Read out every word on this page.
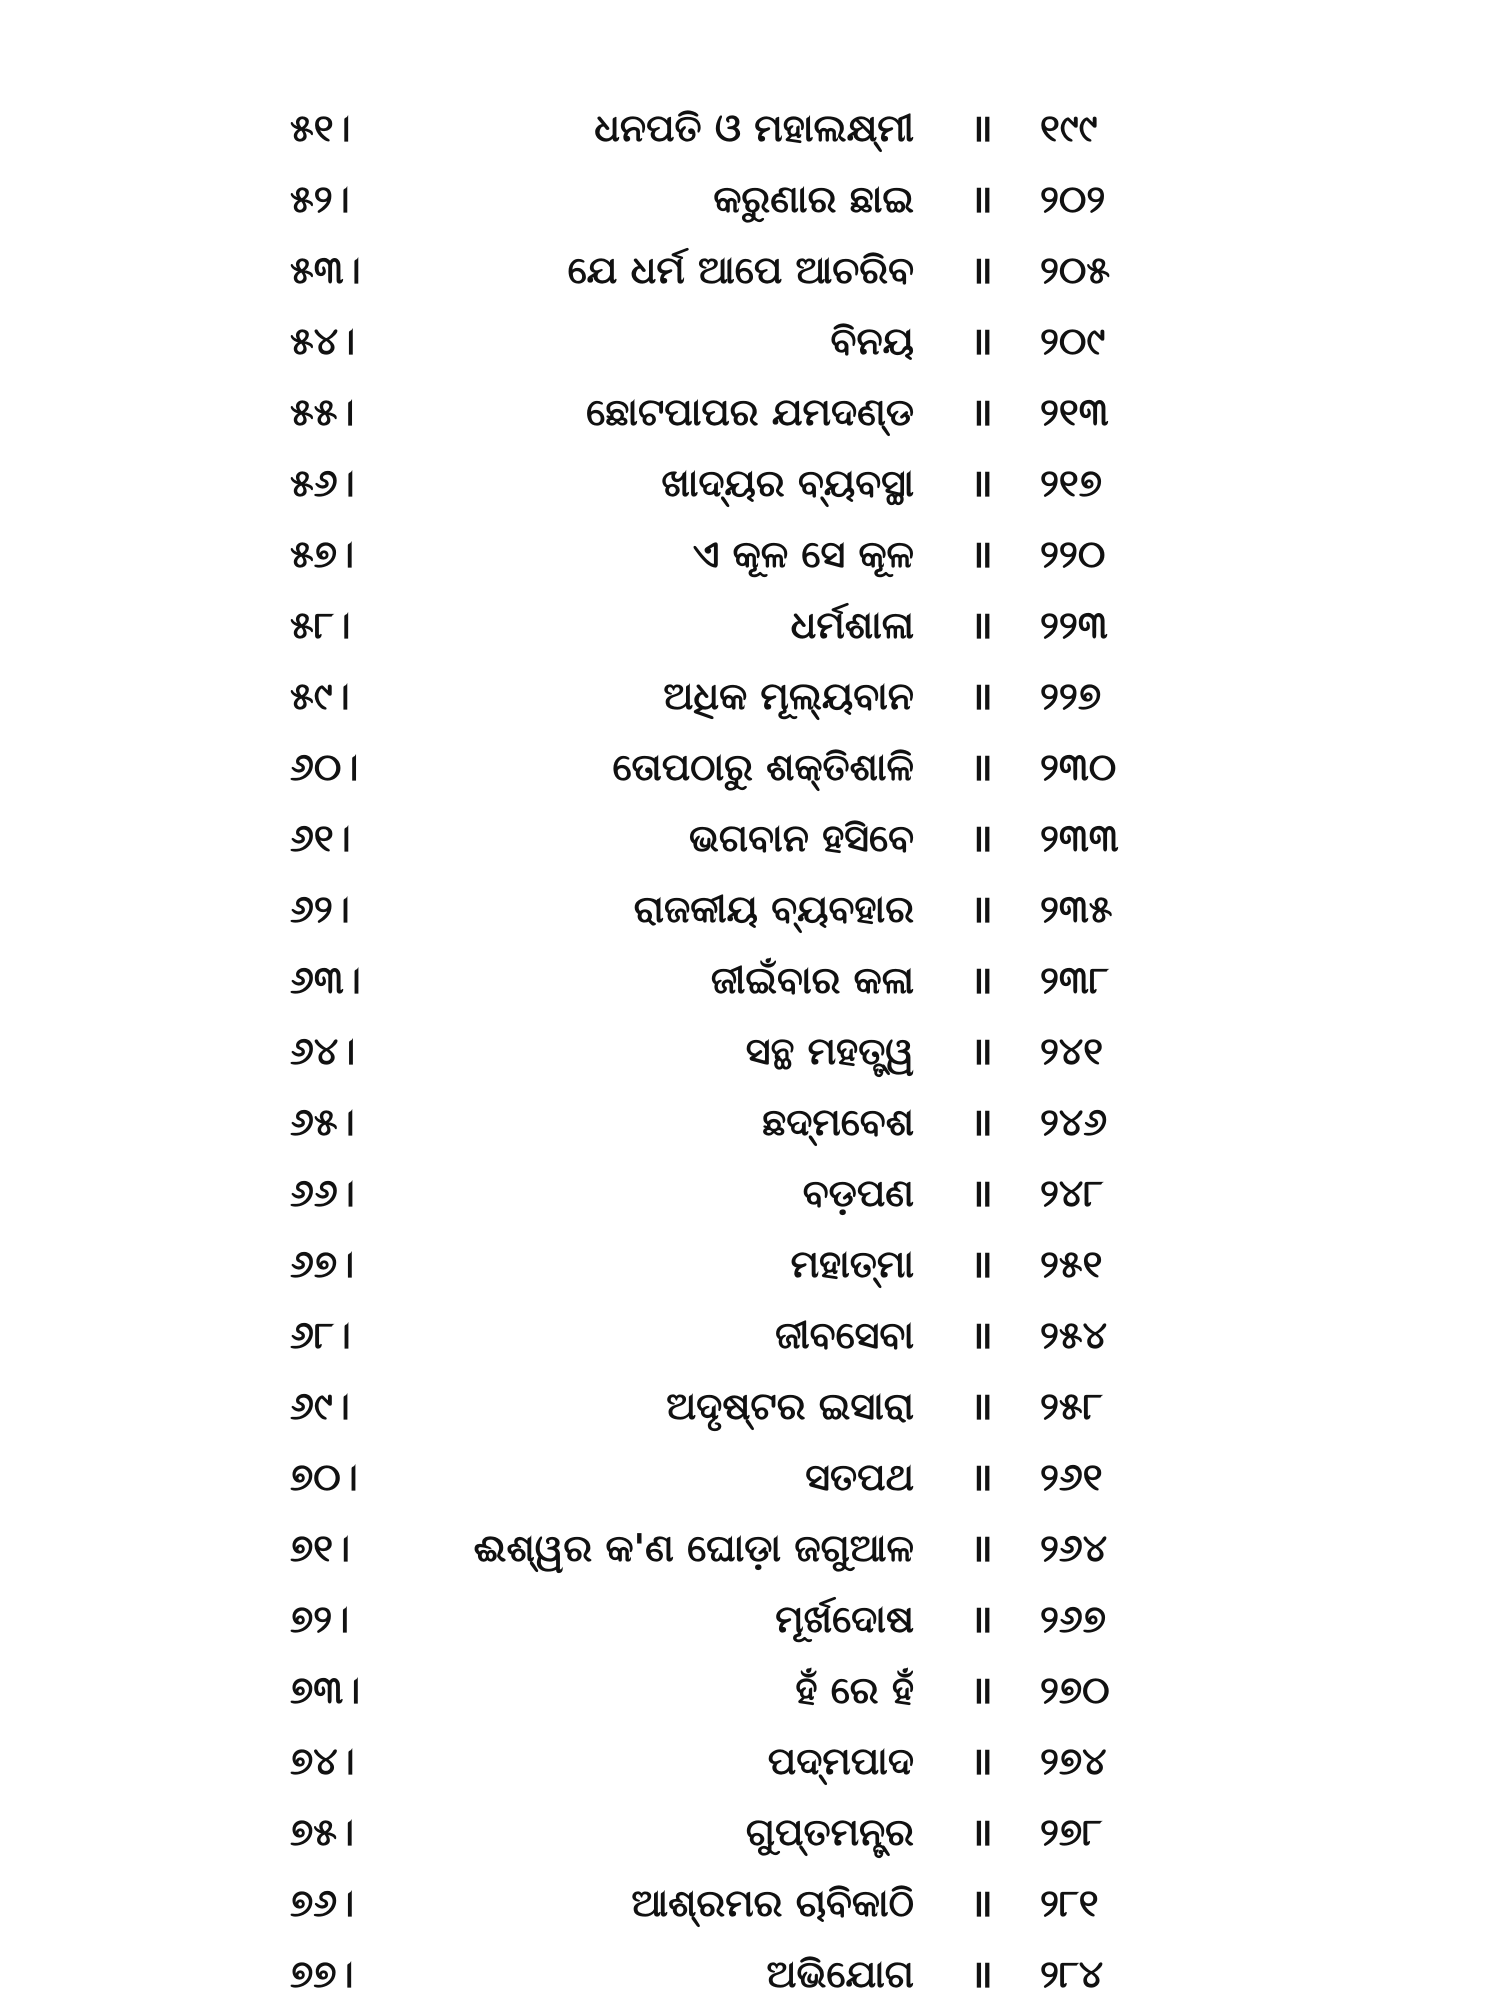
୫୧।	ଧନପତି ଓ ମହାଲକ୍ଷ୍ମୀ	॥	୧୯୯
୫୨।	କରୁଣାର ଛାଇ	॥	୨୦୨
୫୩।	ଯେ ଧର୍ମ ଆପେ ଆଚରିବ	॥	୨୦୫
୫୪।	ବିନୟ	॥	୨୦୯
୫୫।	ଛୋଟପାପର ଯମଦଣ୍ଡ	॥	୨୧୩
୫୬।	ଖାଦ୍ୟର ବ୍ୟବସ୍ଥା	॥	୨୧୭
୫୭।	ଏ କୂଳ ସେ କୂଳ	॥	୨୨୦
୫୮।	ଧର୍ମଶାଳା	॥	୨୨୩
୫୯।	ଅଧିକ ମୂଲ୍ୟବାନ	॥	୨୨୭
୬୦।	ତୋପଠାରୁ ଶକ୍ତିଶାଳି	॥	୨୩୦
୬୧।	ଭଗବାନ ହସିବେ	॥	୨୩୩
୬୨।	ରାଜକୀୟ ବ୍ୟବହାର	॥	୨୩୫
୬୩।	ଜୀଇଁବାର କଳା	॥	୨୩୮
୬୪।	ସନ୍ଥ ମହତ୍ତ୍ୱ	॥	୨୪୧
୬୫।	ଛଦ୍ମବେଶ	॥	୨୪୬
୬୬।	ବଡ଼ପଣ	॥	୨୪୮
୬୭।	ମହାତ୍ମା	॥	୨୫୧
୬୮।	ଜୀବସେବା	॥	୨୫୪
୬୯।	ଅଦୃଷ୍ଟର ଇସାରା	॥	୨୫୮
୭୦।	ସତପଥ	॥	୨୬୧
୭୧।	ଈଶ୍ୱର କ'ଣ ଘୋଡ଼ା ଜଗୁଆଳ	॥	୨୬୪
୭୨।	ମୂର୍ଖଦୋଷ	॥	୨୬୭
୭୩।	ହଁ ରେ ହଁ	॥	୨୭୦
୭୪।	ପଦ୍ମପାଦ	॥	୨୭୪
୭୫।	ଗୁପ୍ତମନ୍ତ୍ର	॥	୨୭୮
୭୬।	ଆଶ୍ରମର ଚାବିକାଠି	॥	୨୮୧
୭୭।	ଅଭିଯୋଗ	॥	୨୮୪
